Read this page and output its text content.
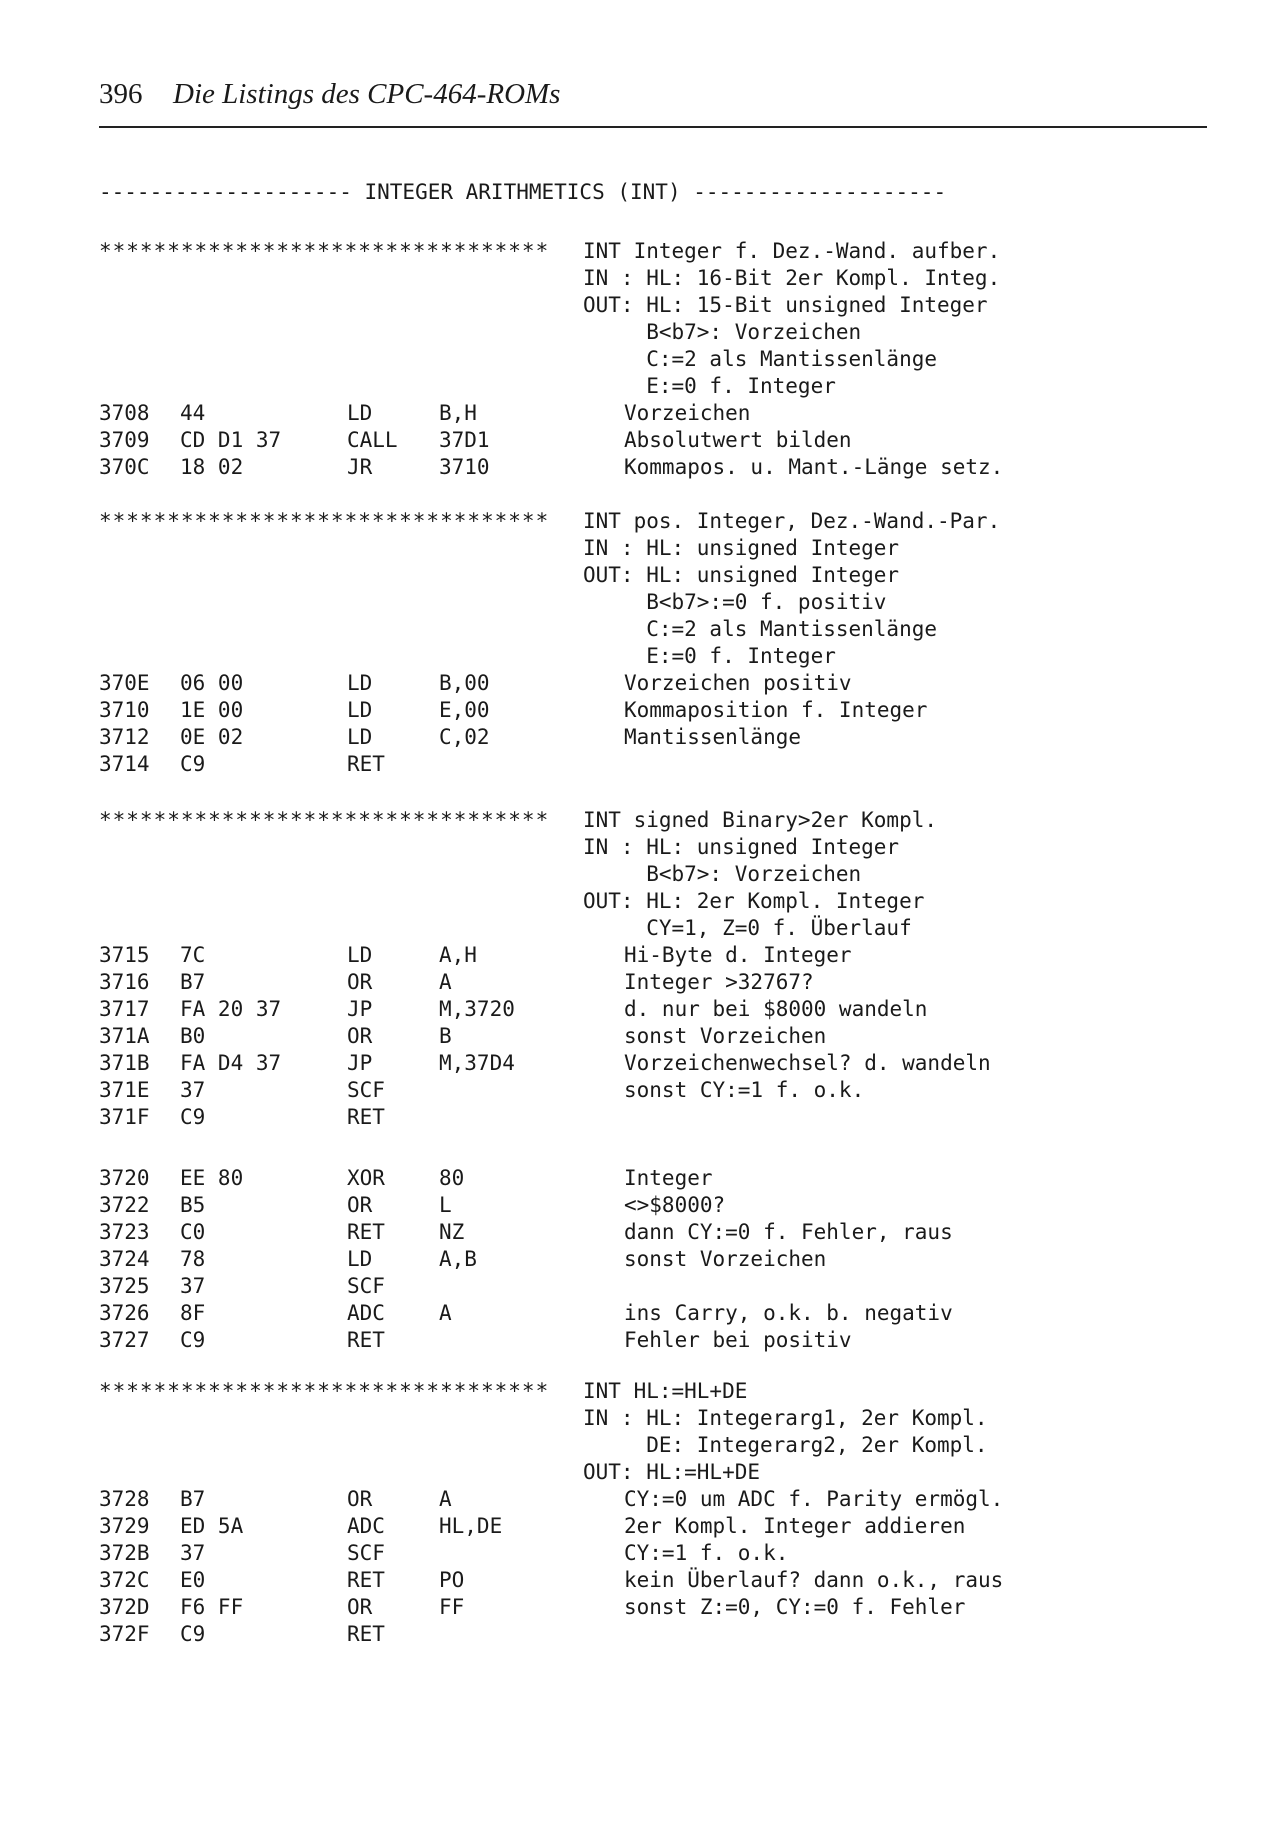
396 Die Listings des CPC-464-ROMs
-------------------- INTEGER ARITHMETICS (INT) --------------------
********************************* INT Integer f. Dez.-Wand. aufber.
IN : HL: 16-Bit 2er Kompl. Integ.
OUT: HL: 15-Bit unsigned Integer
B<b7>: Vorzeichen
C:=2 als Mantissenlänge
E:=0 f. Integer
3708 44	LD	B,H	Vorzeichen
3709 CD D1 37	CALL 37D1	Absolutwert bilden
370C 18 02	JR	3710	Kommapos. u. Mant.-Länge setz.
********************************* INT pos. Integer, Dez.-Wand.-Par.
IN : HL: unsigned Integer
OUT: HL: unsigned Integer
B<b7>:=0 f. positiv
C:=2 als Mantissenlänge
E:=0 f. Integer
370E 06 00	LD	B,00	Vorzeichen positiv
3710 1E 00	LD	E,00	Kommaposition f. Integer
3712 0E 02	LD	C,02	Mantissenlänge
3714 C9	RET
********************************* INT signed Binary>2er Kompl.
IN : HL: unsigned Integer
B<b7>: Vorzeichen
OUT: HL: 2er Kompl. Integer
CY=1, Z=0 f. Überlauf
3715 7C	LD	A,H	Hi-Byte d. Integer
3716 B7	OR	A	Integer >32767?
3717 FA 20 37	JP	M,3720	d. nur bei $8000 wandeln
371A B0	OR	B	sonst Vorzeichen
371B FA D4 37	JP	M,37D4	Vorzeichenwechsel? d. wandeln
371E 37	SCF	sonst CY:=1 f. o.k.
371F C9	RET
3720 EE 80	XOR	80	Integer
3722 B5	OR	L	<>$8000?
3723 C0	RET	NZ	dann CY:=0 f. Fehler, raus
3724 78	LD	A,B	sonst Vorzeichen
3725 37	SCF
3726 8F	ADC	A	ins Carry, o.k. b. negativ
3727 C9	RET	Fehler bei positiv
********************************* INT HL:=HL+DE
IN : HL: Integerarg1, 2er Kompl.
DE: Integerarg2, 2er Kompl.
OUT: HL:=HL+DE
3728 B7	OR	A	CY:=0 um ADC f. Parity ermögl.
3729 ED 5A	ADC	HL,DE	2er Kompl. Integer addieren
372B 37	SCF	CY:=1 f. o.k.
372C E0	RET	PO	kein Überlauf? dann o.k., raus
372D F6 FF	OR	FF	sonst Z:=0, CY:=0 f. Fehler
372F C9	RET
